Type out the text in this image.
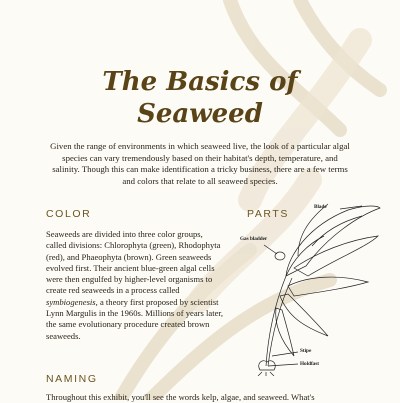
The Basics of
Seaweed
Given the range of environments in which seaweed live, the look of a particular algal species can vary tremendously based on their habitat's depth, temperature, and salinity. Though this can make identification a tricky business, there are a few terms and colors that relate to all seaweed species.
COLOR
Seaweeds are divided into three color groups, called divisions: Chlorophyta (green), Rhodophyta (red), and Phaeophyta (brown). Green seaweeds evolved first. Their ancient blue-green algal cells were then engulfed by higher-level organisms to create red seaweeds in a process called symbiogenesis, a theory first proposed by scientist Lynn Margulis in the 1960s. Millions of years later, the same evolutionary procedure created brown seaweeds.
PARTS
Blade
Gas bladder
Stipe
Holdfast
NAMING
Throughout this exhibit, you'll see the words kelp, algae, and seaweed. What's
